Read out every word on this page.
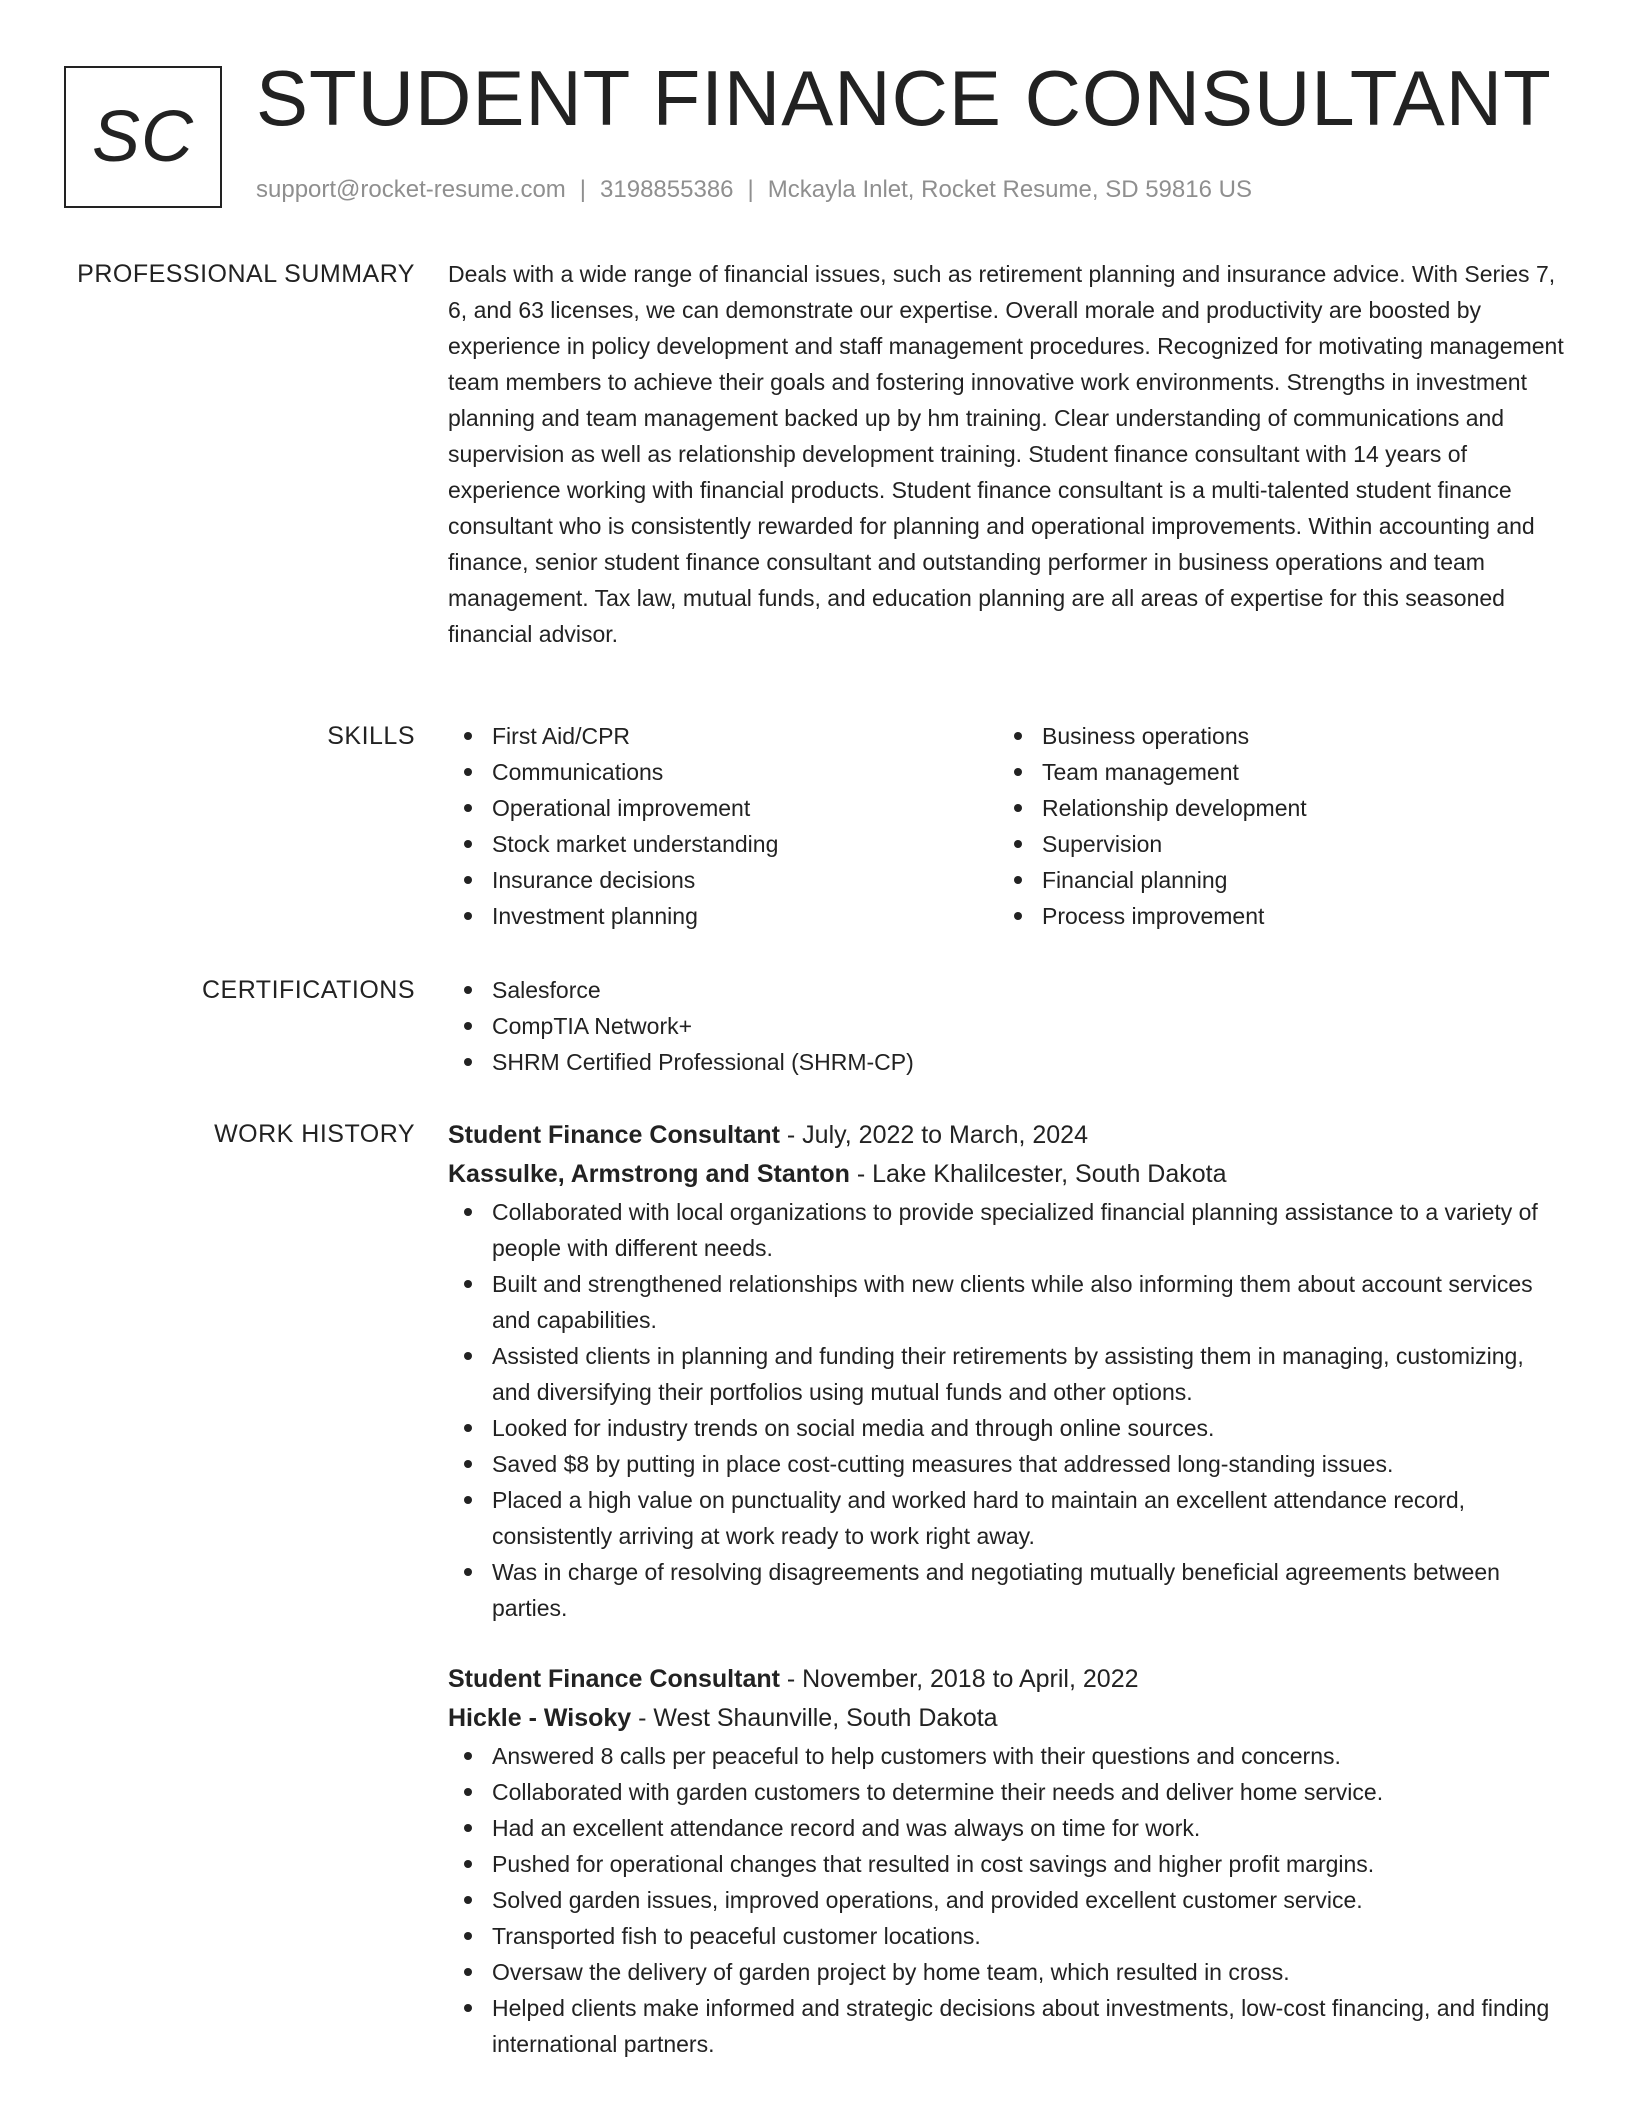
SC STUDENT FINANCE CONSULTANT
support@rocket-resume.com | 3198855386 | Mckayla Inlet, Rocket Resume, SD 59816 US
PROFESSIONAL SUMMARY Deals with a wide range of financial issues, such as retirement planning and insurance advice. With Series 7, 6, and 63 licenses, we can demonstrate our expertise. Overall morale and productivity are boosted by experience in policy development and staff management procedures. Recognized for motivating management team members to achieve their goals and fostering innovative work environments. Strengths in investment planning and team management backed up by hm training. Clear understanding of communications and supervision as well as relationship development training. Student finance consultant with 14 years of experience working with financial products. Student finance consultant is a multi-talented student finance consultant who is consistently rewarded for planning and operational improvements. Within accounting and finance, senior student finance consultant and outstanding performer in business operations and team management. Tax law, mutual funds, and education planning are all areas of expertise for this seasoned financial advisor.

SKILLS	First Aid/CPR
Communications
Operational improvement
Stock market understanding
Insurance decisions
Investment planning
Business operations
Team management
Relationship development
Supervision
Financial planning
Process improvement
CERTIFICATIONS	Salesforce
CompTIA Network+
SHRM Certified Professional (SHRM-CP)
WORK HISTORY Student Finance Consultant - July, 2022 to March, 2024
Kassulke, Armstrong and Stanton - Lake Khalilcester, South Dakota
Collaborated with local organizations to provide specialized financial planning assistance to a variety of people with different needs.
Built and strengthened relationships with new clients while also informing them about account services and capabilities.
Assisted clients in planning and funding their retirements by assisting them in managing, customizing, and diversifying their portfolios using mutual funds and other options.
Looked for industry trends on social media and through online sources.
Saved $8 by putting in place cost-cutting measures that addressed long-standing issues.
Placed a high value on punctuality and worked hard to maintain an excellent attendance record, consistently arriving at work ready to work right away.
Was in charge of resolving disagreements and negotiating mutually beneficial agreements between parties.
Student Finance Consultant - November, 2018 to April, 2022
Hickle - Wisoky - West Shaunville, South Dakota
Answered 8 calls per peaceful to help customers with their questions and concerns.
Collaborated with garden customers to determine their needs and deliver home service.
Had an excellent attendance record and was always on time for work.
Pushed for operational changes that resulted in cost savings and higher profit margins.
Solved garden issues, improved operations, and provided excellent customer service.
Transported fish to peaceful customer locations.
Oversaw the delivery of garden project by home team, which resulted in cross.
Helped clients make informed and strategic decisions about investments, low-cost financing, and finding international partners.
